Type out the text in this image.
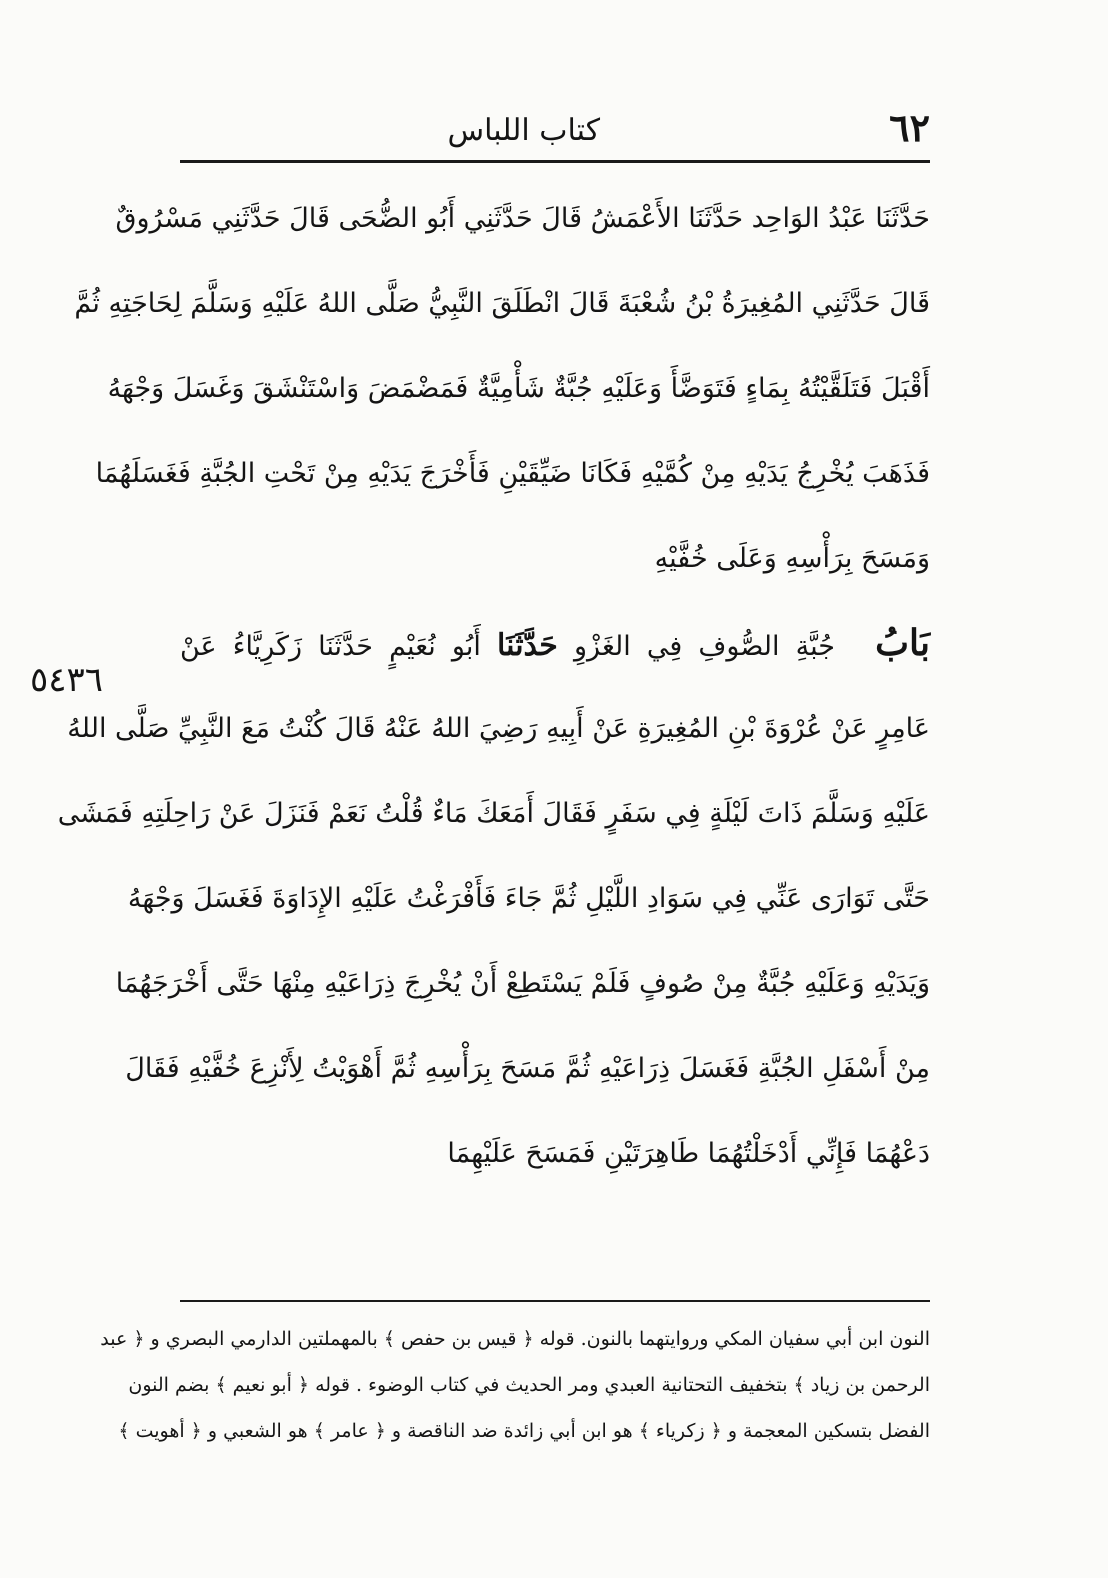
٦٢
كتاب اللباس
٥٤٣٦
حَدَّثَنَا عَبْدُ الوَاحِد حَدَّثَنَا الأَعْمَشُ قَالَ حَدَّثَنِي أَبُو الضُّحَى قَالَ حَدَّثَنِي مَسْرُوقٌ
قَالَ حَدَّثَنِي المُغِيرَةُ بْنُ شُعْبَةَ قَالَ انْطَلَقَ النَّبِيُّ صَلَّى اللهُ عَلَيْهِ وَسَلَّمَ لِحَاجَتِهِ ثُمَّ
أَقْبَلَ فَتَلَقَّيْتُهُ بِمَاءٍ فَتَوَضَّأَ وَعَلَيْهِ جُبَّةٌ شَأْمِيَّةٌ فَمَضْمَضَ وَاسْتَنْشَقَ وَغَسَلَ وَجْهَهُ
فَذَهَبَ يُخْرِجُ يَدَيْهِ مِنْ كُمَّيْهِ فَكَانَا ضَيِّقَيْنِ فَأَخْرَجَ يَدَيْهِ مِنْ تَحْتِ الجُبَّةِ فَغَسَلَهُمَا
وَمَسَحَ بِرَأْسِهِ وَعَلَى خُفَّيْهِ
بَابُ جُبَّةِ الصُّوفِ فِي الغَزْوِ حَدَّثَنَا أَبُو نُعَيْمٍ حَدَّثَنَا زَكَرِيَّاءُ عَنْ
عَامِرٍ عَنْ عُرْوَةَ بْنِ المُغِيرَةِ عَنْ أَبِيهِ رَضِيَ اللهُ عَنْهُ قَالَ كُنْتُ مَعَ النَّبِيِّ صَلَّى اللهُ
عَلَيْهِ وَسَلَّمَ ذَاتَ لَيْلَةٍ فِي سَفَرٍ فَقَالَ أَمَعَكَ مَاءٌ قُلْتُ نَعَمْ فَنَزَلَ عَنْ رَاحِلَتِهِ فَمَشَى
حَتَّى تَوَارَى عَنِّي فِي سَوَادِ اللَّيْلِ ثُمَّ جَاءَ فَأَفْرَغْتُ عَلَيْهِ الإِدَاوَةَ فَغَسَلَ وَجْهَهُ
وَيَدَيْهِ وَعَلَيْهِ جُبَّةٌ مِنْ صُوفٍ فَلَمْ يَسْتَطِعْ أَنْ يُخْرِجَ ذِرَاعَيْهِ مِنْهَا حَتَّى أَخْرَجَهُمَا
مِنْ أَسْفَلِ الجُبَّةِ فَغَسَلَ ذِرَاعَيْهِ ثُمَّ مَسَحَ بِرَأْسِهِ ثُمَّ أَهْوَيْتُ لِأَنْزِعَ خُفَّيْهِ فَقَالَ
دَعْهُمَا فَإِنِّي أَدْخَلْتُهُمَا طَاهِرَتَيْنِ فَمَسَحَ عَلَيْهِمَا
النون ابن أبي سفيان المكي وروايتهما بالنون. قوله ﴿ قيس بن حفص ﴾ بالمهملتين الدارمي البصري و ﴿ عبد
الرحمن بن زياد ﴾ بتخفيف التحتانية العبدي ومر الحديث في كتاب الوضوء . قوله ﴿ أبو نعيم ﴾ بضم النون
الفضل بتسكين المعجمة و ﴿ زكرياء ﴾ هو ابن أبي زائدة ضد الناقصة و ﴿ عامر ﴾ هو الشعبي و ﴿ أهويت ﴾
